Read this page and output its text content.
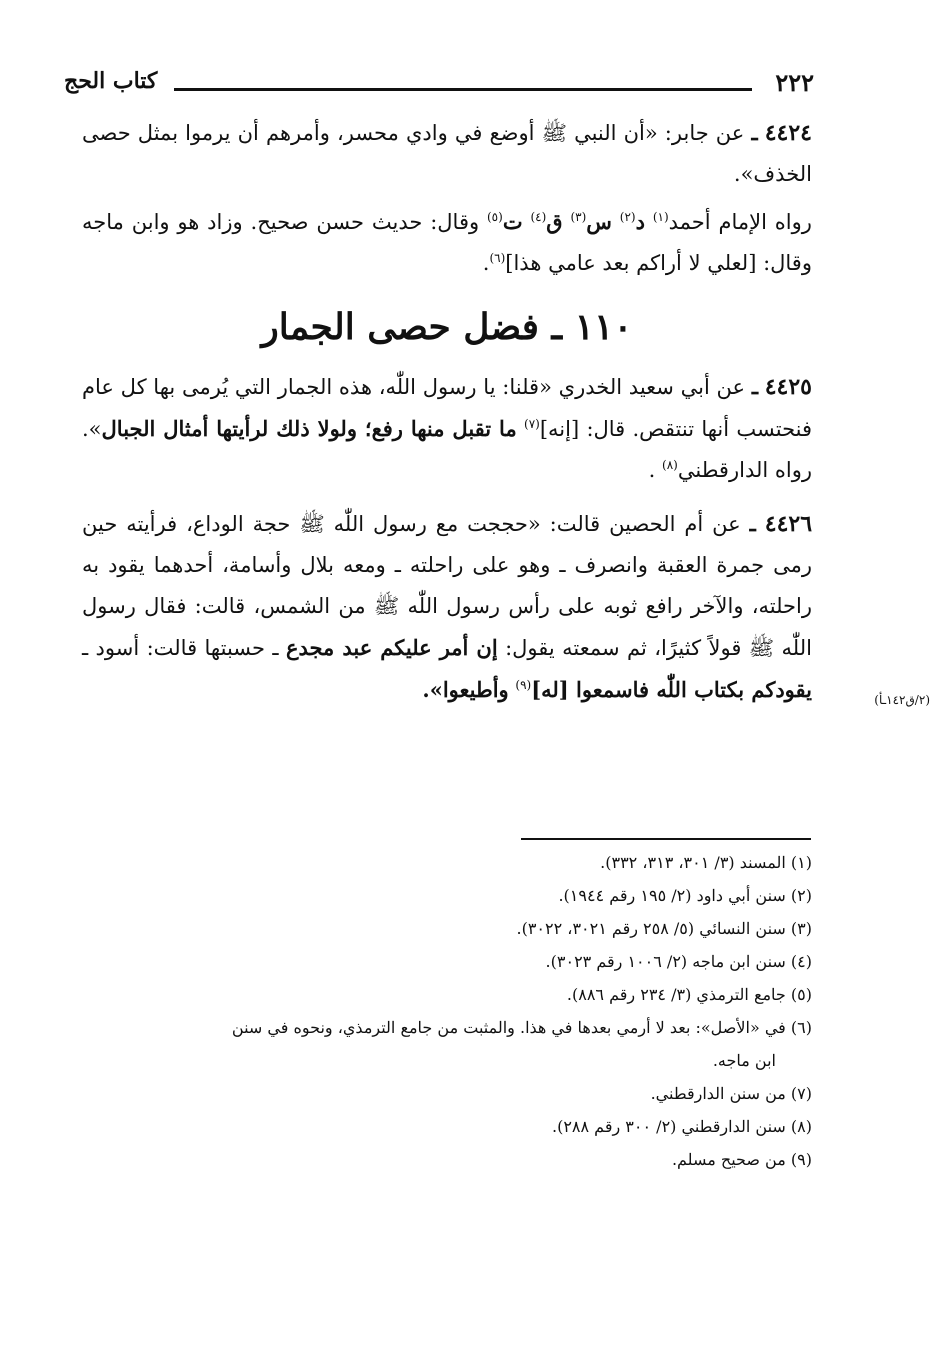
٢٢٢
كتاب الحج

٤٤٢٤ ـ عن جابر: «أن النبي ﷺ أوضع في وادي محسر، وأمرهم أن يرموا بمثل حصى الخذف».

رواه الإمام أحمد$^{(١)}$ د$^{(٢)}$ س$^{(٣)}$ ق$^{(٤)}$ ت$^{(٥)}$ وقال: حديث حسن صحيح. وزاد هو وابن ماجه وقال: [لعلي لا أراكم بعد عامي هذا]$^{(٦)}$.

١١٠ ـ فضل حصى الجمار

٤٤٢٥ ـ عن أبي سعيد الخدري «قلنا: يا رسول اللّٰه، هذه الجمار التي يُرمى بها كل عام فنحتسب أنها تنتقص. قال: [إنه]$^{(٧)}$ ما تقبل منها رفع؛ ولولا ذلك لرأيتها أمثال الجبال». رواه الدارقطني$^{(٨)}$ .

٤٤٢٦ ـ عن أم الحصين قالت: «حججت مع رسول اللّٰه ﷺ حجة الوداع، فرأيته حين رمى جمرة العقبة وانصرف ـ وهو على راحلته ـ ومعه بلال وأسامة، أحدهما يقود به راحلته، والآخر رافع ثوبه على رأس رسول اللّٰه ﷺ من الشمس، قالت: فقال رسول اللّٰه ﷺ قولاً كثيرًا، ثم سمعته يقول: إن أمر عليكم عبد مجدع ـ حسبتها قالت: أسود ـ يقودكم بكتاب اللّٰه فاسمعوا [له]$^{(٩)}$ وأطيعوا».	(٢/ق١٤٢ـأ)
(١) المسند (٣/ ٣٠١، ٣١٣، ٣٣٢).
(٢) سنن أبي داود (٢/ ١٩٥ رقم ١٩٤٤).
(٣) سنن النسائي (٥/ ٢٥٨ رقم ٣٠٢١، ٣٠٢٢).
(٤) سنن ابن ماجه (٢/ ١٠٠٦ رقم ٣٠٢٣).
(٥) جامع الترمذي (٣/ ٢٣٤ رقم ٨٨٦).
(٦) في «الأصل»: بعد لا أرمي بعدها في هذا. والمثبت من جامع الترمذي، ونحوه في سنن
ابن ماجه.
(٧) من سنن الدارقطني.
(٨) سنن الدارقطني (٢/ ٣٠٠ رقم ٢٨٨).
(٩) من صحيح مسلم.
